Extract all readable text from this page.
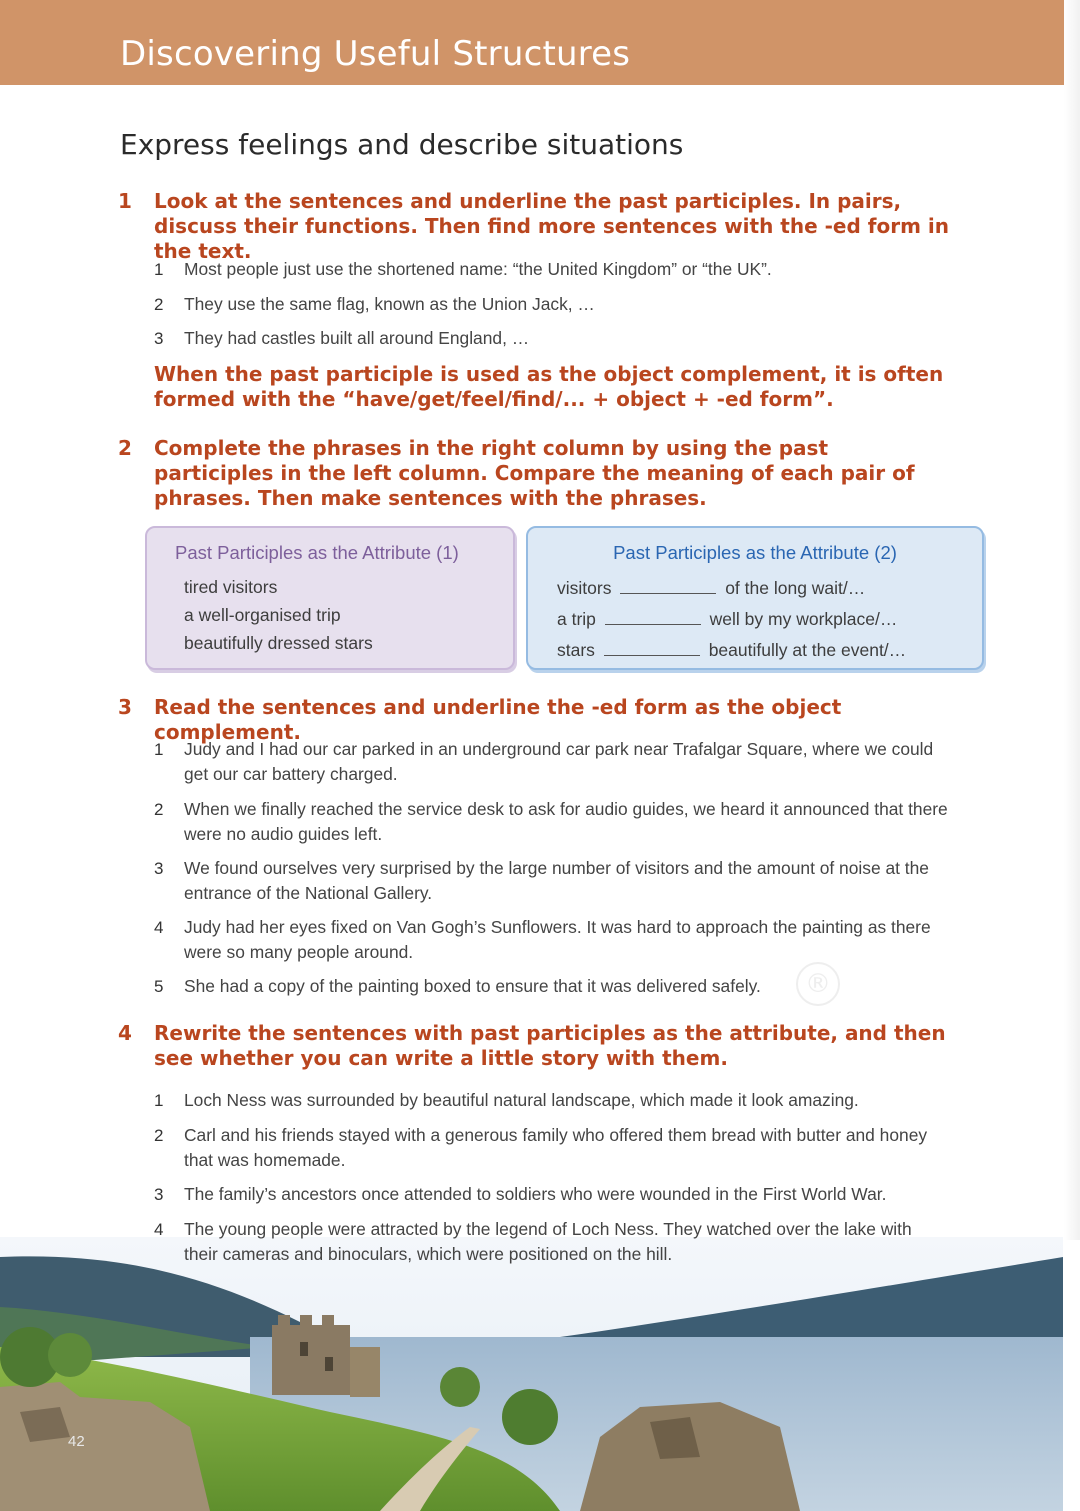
Discovering Useful Structures
Express feelings and describe situations
1	Look at the sentences and underline the past participles. In pairs, discuss their functions. Then find more sentences with the -ed form in the text.
1	Most people just use the shortened name: “the United Kingdom” or “the UK”.
2	They use the same flag, known as the Union Jack, …
3	They had castles built all around England, …
When the past participle is used as the object complement, it is often formed with the “have/get/feel/find/... + object + -ed form”.
2	Complete the phrases in the right column by using the past participles in the left column. Compare the meaning of each pair of phrases. Then make sentences with the phrases.
Past Participles as the Attribute (1)
tired visitors
a well-organised trip
beautifully dressed stars
Past Participles as the Attribute (2)
visitors	of the long wait/…
a trip	well by my workplace/…
stars	beautifully at the event/…
3	Read the sentences and underline the -ed form as the object complement.
1	Judy and I had our car parked in an underground car park near Trafalgar Square, where we could get our car battery charged.
2	When we finally reached the service desk to ask for audio guides, we heard it announced that there were no audio guides left.
3	We found ourselves very surprised by the large number of visitors and the amount of noise at the entrance of the National Gallery.
4	Judy had her eyes fixed on Van Gogh’s Sunflowers. It was hard to approach the painting as there were so many people around.
5	She had a copy of the painting boxed to ensure that it was delivered safely.	®
4	Rewrite the sentences with past participles as the attribute, and then see whether you can write a little story with them.
1	Loch Ness was surrounded by beautiful natural landscape, which made it look amazing.
2	Carl and his friends stayed with a generous family who offered them bread with butter and honey that was homemade.
3	The family’s ancestors once attended to soldiers who were wounded in the First World War.
4	The young people were attracted by the legend of Loch Ness. They watched over the lake with their cameras and binoculars, which were positioned on the hill.
42
